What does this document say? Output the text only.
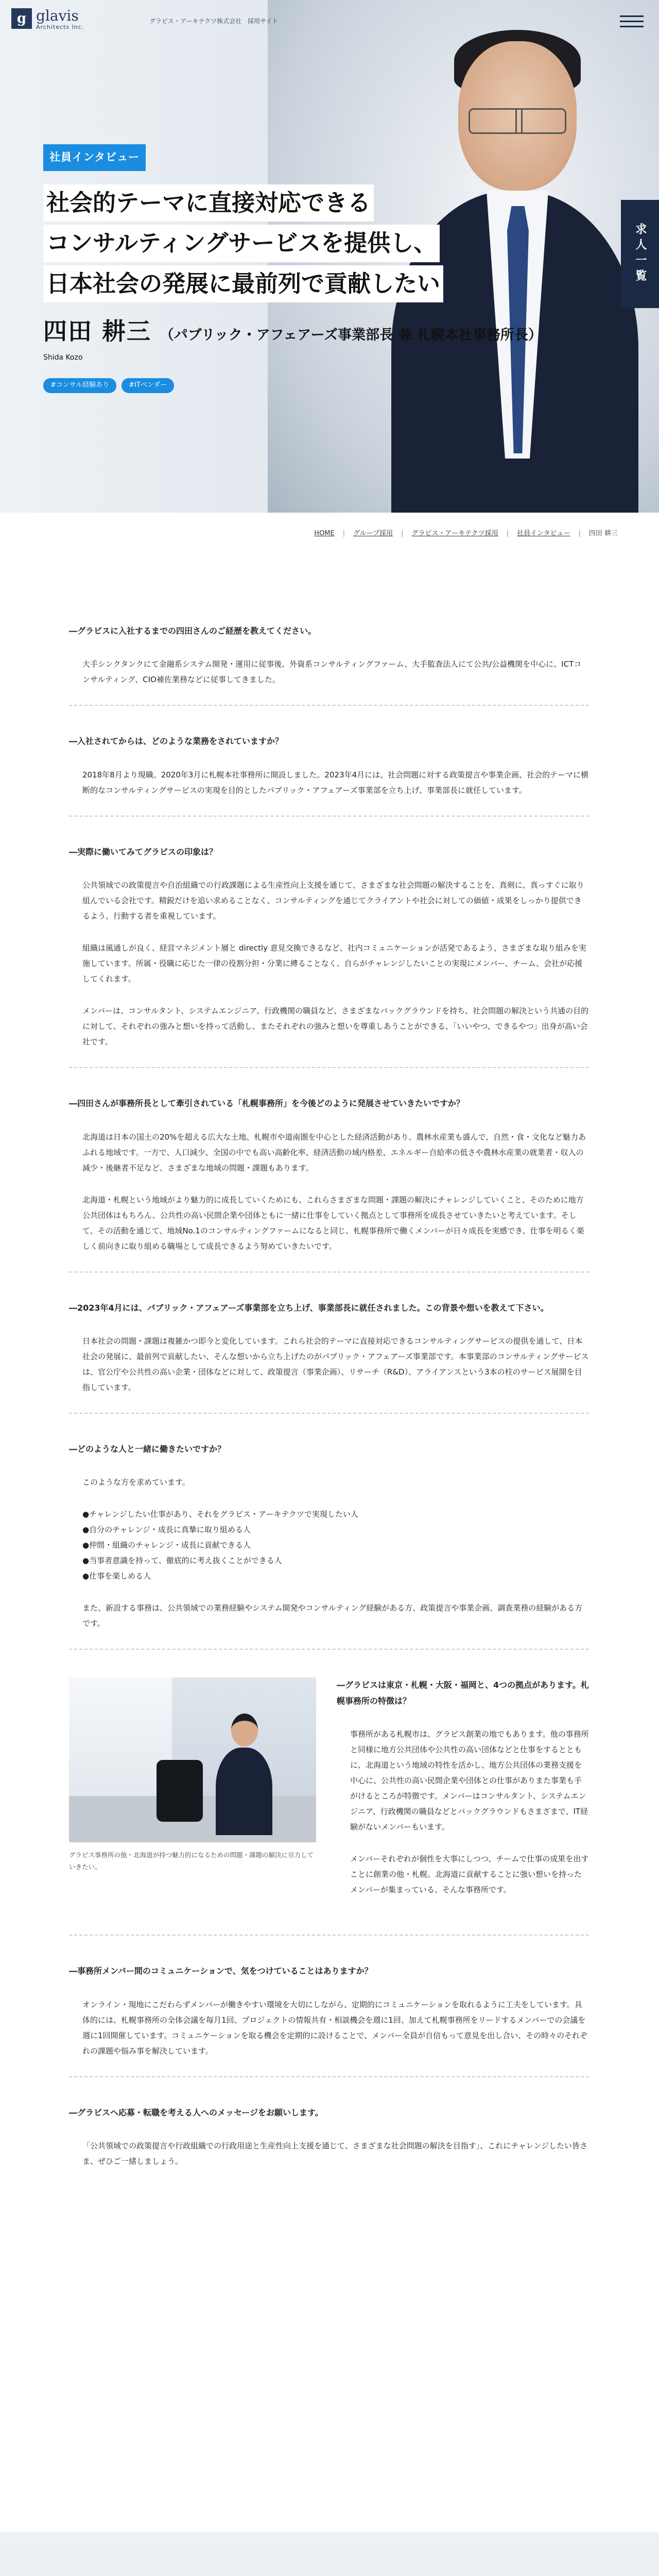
g glavis
Architects Inc.
グラビス・アーキテクツ株式会社　採用サイト
社員インタビュー
社会的テーマに直接対応できる
コンサルティングサービスを提供し、
日本社会の発展に最前列で貢献したい
四田 耕三 （パブリック・アフェアーズ事業部長 兼 札幌本社事務所長）
Shida Kozo
#コンサル経験あり	#ITベンダー
求人一覧
HOME | グループ採用 | グラビス・アーキテクツ採用 | 社員インタビュー | 四田 耕三

―グラビスに入社するまでの四田さんのご経歴を教えてください。

大手シンクタンクにて金融系システム開発・運用に従事後、外資系コンサルティングファーム、大手監査法人にて公共/公益機関を中心に、ICTコンサルティング、CIO補佐業務などに従事してきました。

―入社されてからは、どのような業務をされていますか？

2018年8月より現職。2020年3月に札幌本社事務所に開設しました。2023年4月には、社会問題に対する政策提言や事業企画、社会的テーマに横断的なコンサルティングサービスの実現を目的としたパブリック・アフェアーズ事業部を立ち上げ、事業部長に就任しています。

―実際に働いてみてグラビスの印象は？

公共領域での政策提言や自治組織での行政課題による生産性向上支援を通じて、さまざまな社会問題の解決することを、真剣に、真っすぐに取り組んでいる会社です。精鋭だけを追い求めることなく、コンサルティングを通じてクライアントや社会に対しての価値・成果をしっかり提供できるよう、行動する者を重視しています。

組織は風通しが良く、経営マネジメント層と directly 意見交換できるなど、社内コミュニケーションが活発であるよう、さまざまな取り組みを実施しています。所属・役職に応じた一律の役割分担・分業に縛ることなく、自らがチャレンジしたいことの実現にメンバー、チーム、会社が応援してくれます。

メンバーは、コンサルタント、システムエンジニア、行政機関の職員など、さまざまなバックグラウンドを持ち、社会問題の解決という共通の目的に対して、それぞれの強みと想いを持って活動し、またそれぞれの強みと想いを尊重しあうことができる、「いいやつ、できるやつ」出身が高い会社です。

―四田さんが事務所長として牽引されている「札幌事務所」を今後どのように発展させていきたいですか？

北海道は日本の国土の20%を超える広大な土地、札幌市や道南圏を中心とした経済活動があり、農林水産業も盛んで、自然・食・文化など魅力あふれる地域です。一方で、人口減少、全国の中でも高い高齢化率、経済活動の域内格差、エネルギー自給率の低さや農林水産業の就業者・収入の減少・後継者不足など、さまざまな地域の問題・課題もあります。

北海道・札幌という地域がより魅力的に成長していくためにも、これらさまざまな問題・課題の解決にチャレンジしていくこと、そのために地方公共団体はもちろん、公共性の高い民間企業や団体ともに一緒に仕事をしていく拠点として事務所を成長させていきたいと考えています。そして、その活動を通じて、地域No.1のコンサルティングファームになると同じ、札幌事務所で働くメンバーが日々成長を実感でき、仕事を明るく楽しく前向きに取り組める職場として成長できるよう努めていきたいです。

―2023年4月には、パブリック・アフェアーズ事業部を立ち上げ、事業部長に就任されました。この背景や想いを教えて下さい。

日本社会の問題・課題は複雑かつ即今と変化しています。これら社会的テーマに直接対応できるコンサルティングサービスの提供を通して、日本社会の発展に、最前列で貢献したい、そんな想いから立ち上げたのがパブリック・アフェアーズ事業部です。本事業部のコンサルティングサービスは、官公庁や公共性の高い企業・団体などに対して、政策提言（事業企画）、リサーチ（R&D）、アライアンスという3本の柱のサービス展開を目指しています。

―どのような人と一緒に働きたいですか？

このような方を求めています。

●チャレンジしたい仕事があり、それをグラビス・アーキテクツで実現したい人
●自分のチャレンジ・成長に真摯に取り組める人
●仲間・組織のチャレンジ・成長に貢献できる人
●当事者意識を持って、徹底的に考え抜くことができる人
●仕事を楽しめる人

また、新設する事務は、公共領域での業務経験やシステム開発やコンサルティング経験がある方、政策提言や事業企画、調査業務の経験がある方です。

グラビス事務所の他・北海道が持つ魅力的になるための問題・課題の解決に尽力していきたい。

―グラビスは東京・札幌・大阪・福岡と、4つの拠点があります。札幌事務所の特徴は？

事務所がある札幌市は、グラビス創業の地でもあります。他の事務所と同様に地方公共団体や公共性の高い団体などと仕事をするとともに、北海道という地域の特性を活かし、地方公共団体の業務支援を中心に、公共性の高い民間企業や団体との仕事がありまた事業も手がけるところが特徴です。メンバーはコンサルタント、システムエンジニア、行政機関の職員などとバックグラウンドもさまざまで、IT経験がないメンバーもいます。

メンバーそれぞれが個性を大事にしつつ、チームで仕事の成果を出すことに創業の他・札幌。北海道に貢献することに強い想いを持ったメンバーが集まっている、そんな事務所です。

―事務所メンバー間のコミュニケーションで、気をつけていることはありますか？

オンライン・現地にこだわらずメンバーが働きやすい環境を大切にしながら、定期的にコミュニケーションを取れるように工夫をしています。具体的には、札幌事務所の全体会議を毎月1回、プロジェクトの情報共有・相談機会を週に1回、加えて札幌事務所をリードするメンバーでの会議を週に1回開催しています。コミュニケーションを取る機会を定期的に設けることで、メンバー全員が自信もって意見を出し合い、その時々のそれぞれの課題や悩み事を解決しています。

―グラビスへ応募・転職を考える人へのメッセージをお願いします。

「公共領域での政策提言や行政組織での行政用途と生産性向上支援を通じて、さまざまな社会問題の解決を目指す」、これにチャレンジしたい皆さま、ぜひご一緒しましょう。
